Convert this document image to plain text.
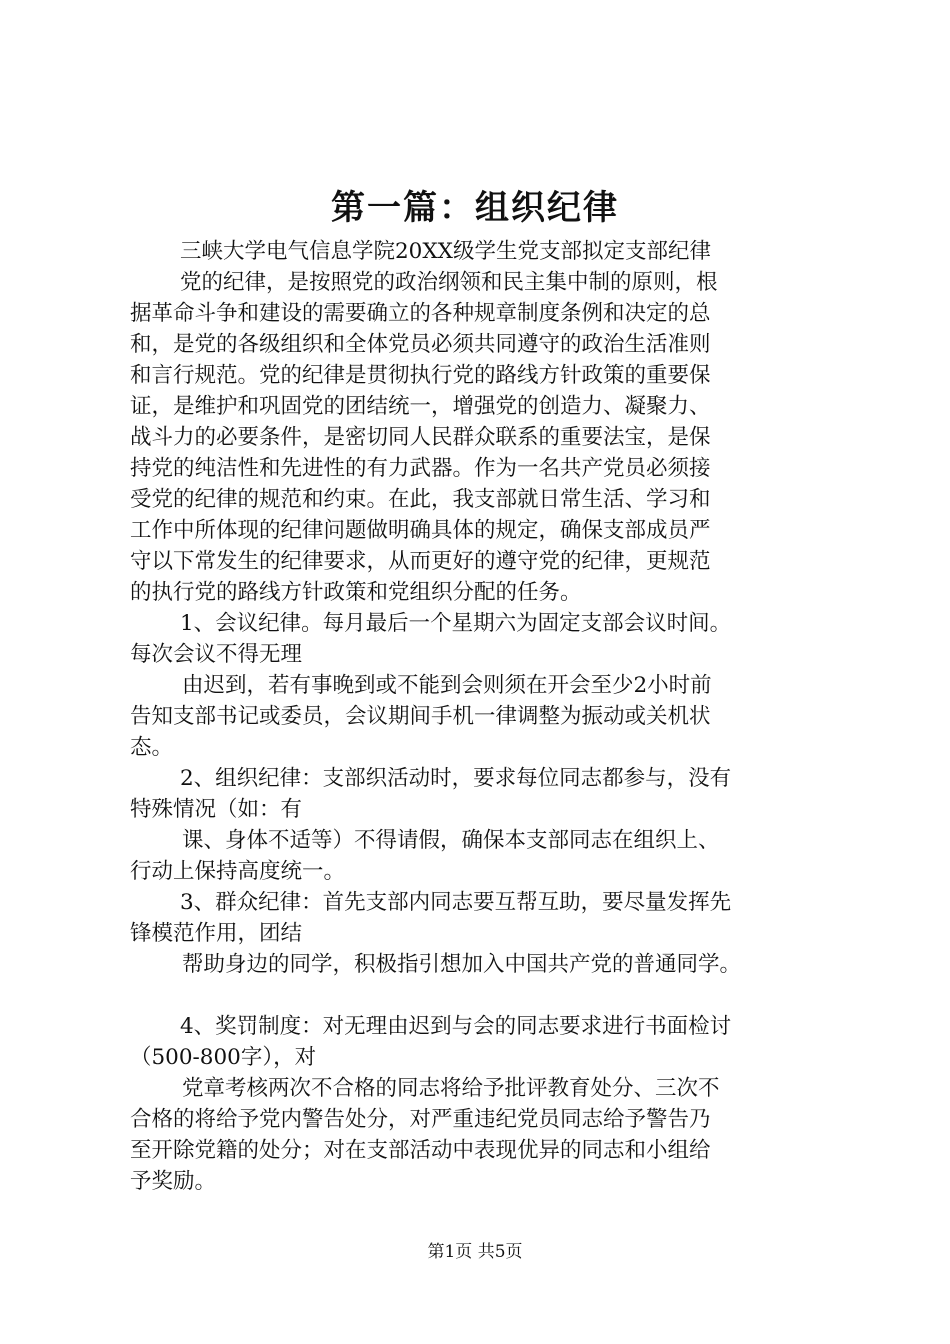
第一篇：组织纪律

三峡大学电气信息学院20XX级学生党支部拟定支部纪律

党的纪律，是按照党的政治纲领和民主集中制的原则，根

据革命斗争和建设的需要确立的各种规章制度条例和决定的总

和，是党的各级组织和全体党员必须共同遵守的政治生活准则

和言行规范。党的纪律是贯彻执行党的路线方针政策的重要保

证，是维护和巩固党的团结统一，增强党的创造力、凝聚力、

战斗力的必要条件，是密切同人民群众联系的重要法宝，是保

持党的纯洁性和先进性的有力武器。作为一名共产党员必须接

受党的纪律的规范和约束。在此，我支部就日常生活、学习和

工作中所体现的纪律问题做明确具体的规定，确保支部成员严

守以下常发生的纪律要求，从而更好的遵守党的纪律，更规范

的执行党的路线方针政策和党组织分配的任务。

1、会议纪律。每月最后一个星期六为固定支部会议时间。

每次会议不得无理

由迟到，若有事晚到或不能到会则须在开会至少2小时前

告知支部书记或委员，会议期间手机一律调整为振动或关机状

态。

2、组织纪律：支部织活动时，要求每位同志都参与，没有

特殊情况（如：有

课、身体不适等）不得请假，确保本支部同志在组织上、

行动上保持高度统一。

3、群众纪律：首先支部内同志要互帮互助，要尽量发挥先

锋模范作用，团结

帮助身边的同学，积极指引想加入中国共产党的普通同学。

4、奖罚制度：对无理由迟到与会的同志要求进行书面检讨

（500-800字），对

党章考核两次不合格的同志将给予批评教育处分、三次不

合格的将给予党内警告处分，对严重违纪党员同志给予警告乃

至开除党籍的处分；对在支部活动中表现优异的同志和小组给

予奖励。

第1页 共5页
